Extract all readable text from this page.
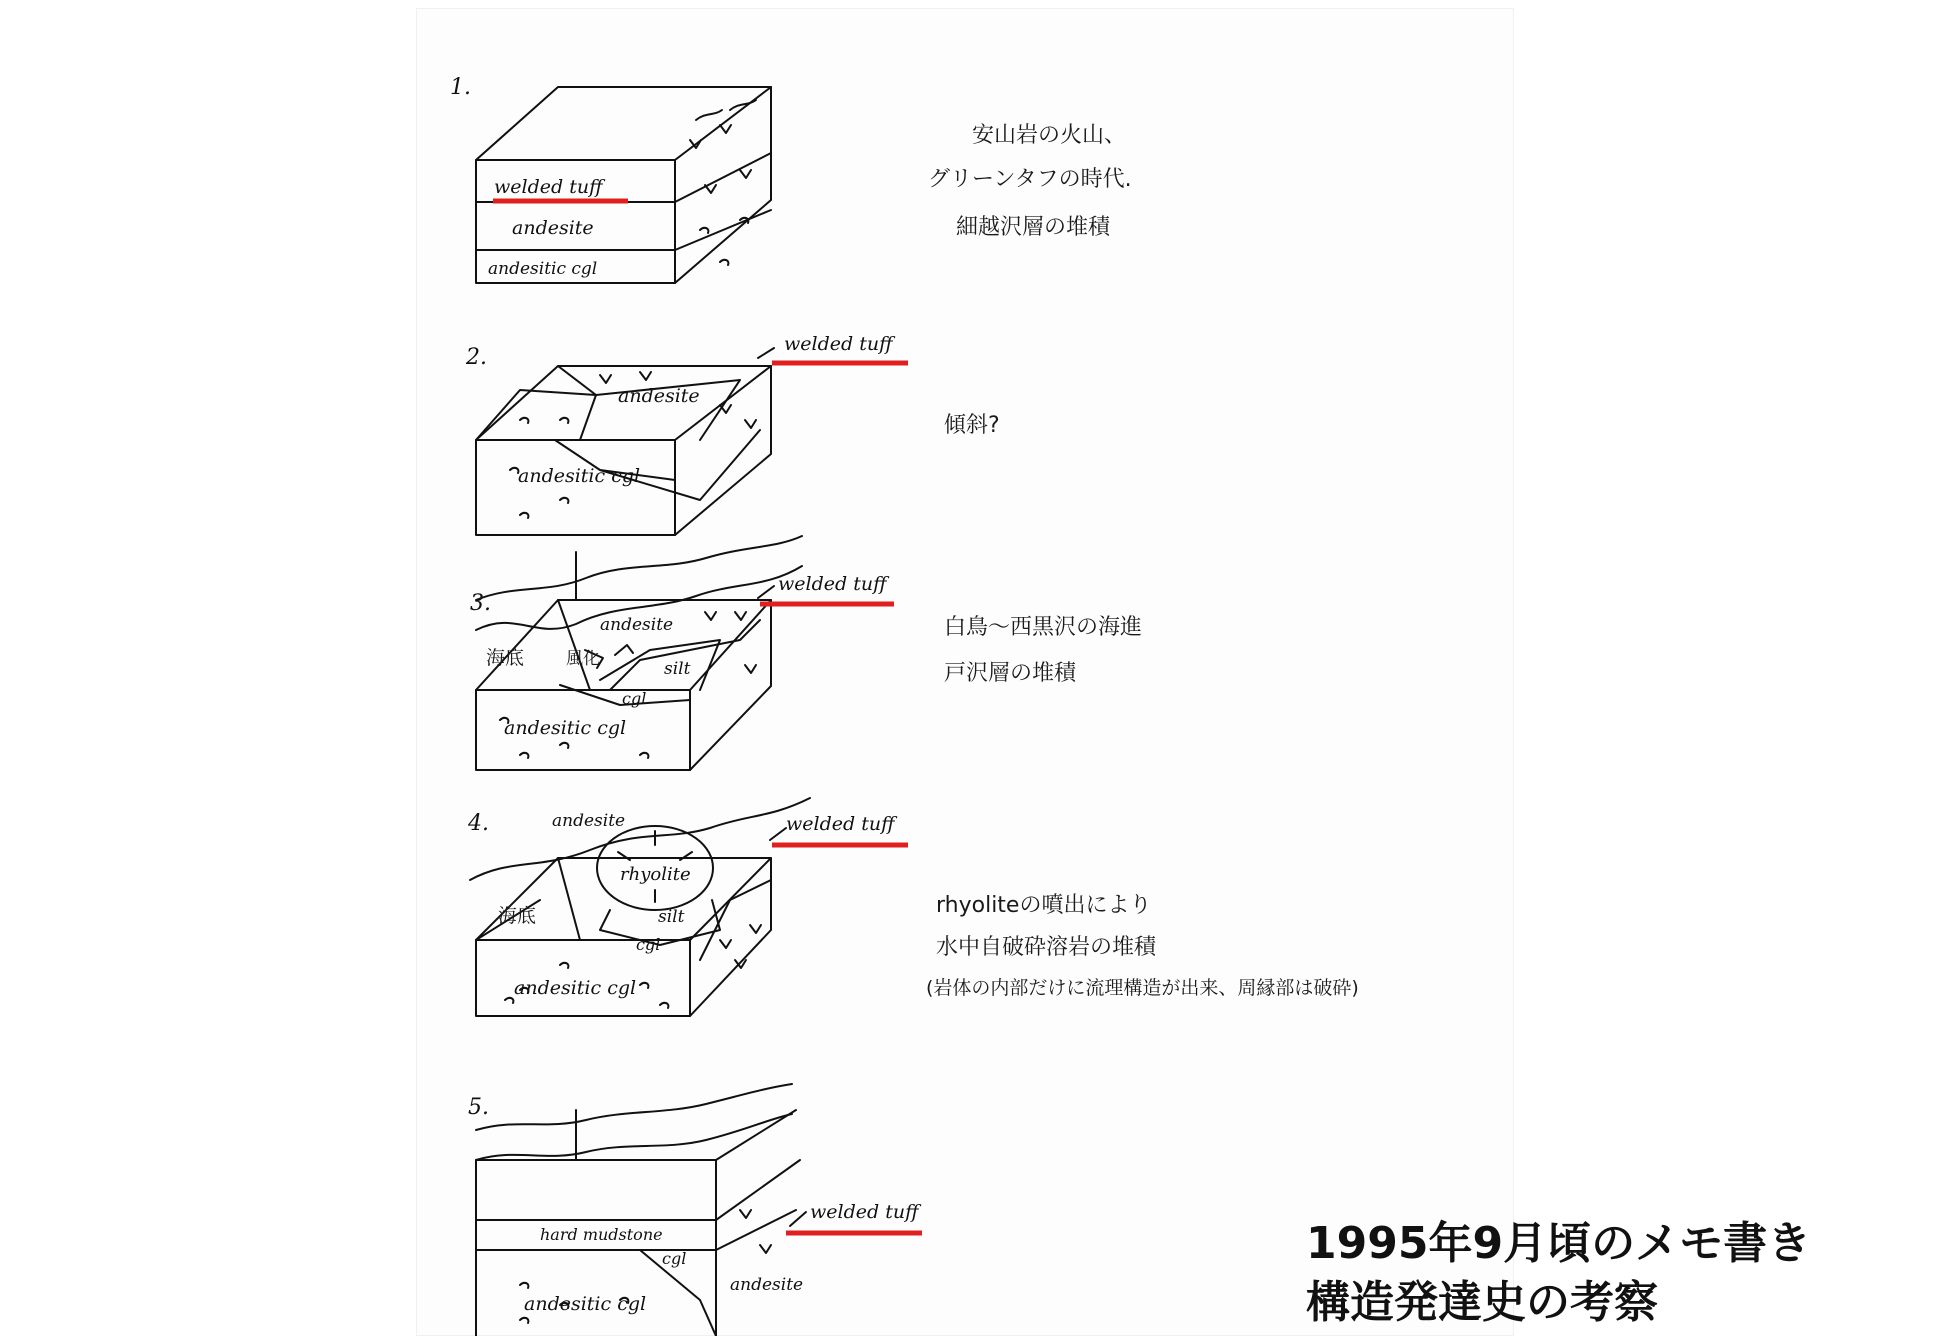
1.
2.
3.
4.
5.
welded tuff
andesite
andesitic cgl
安山岩の火山、
グリーンタフの時代.
細越沢層の堆積
welded tuff
andesite
andesitic cgl
傾斜?
welded tuff
andesite
海底 風化	silt
cgl
andesitic cgl
白鳥〜西黒沢の海進
戸沢層の堆積
andesite	welded tuff
rhyolite
海底	silt
cgl
andesitic cgl
rhyoliteの噴出により
水中自破砕溶岩の堆積
(岩体の内部だけに流理構造が出来、周縁部は破砕)
welded tuff
hard mudstone
cgl
andesite
andesitic cgl
1995年9月頃のメモ書き
構造発達史の考察
